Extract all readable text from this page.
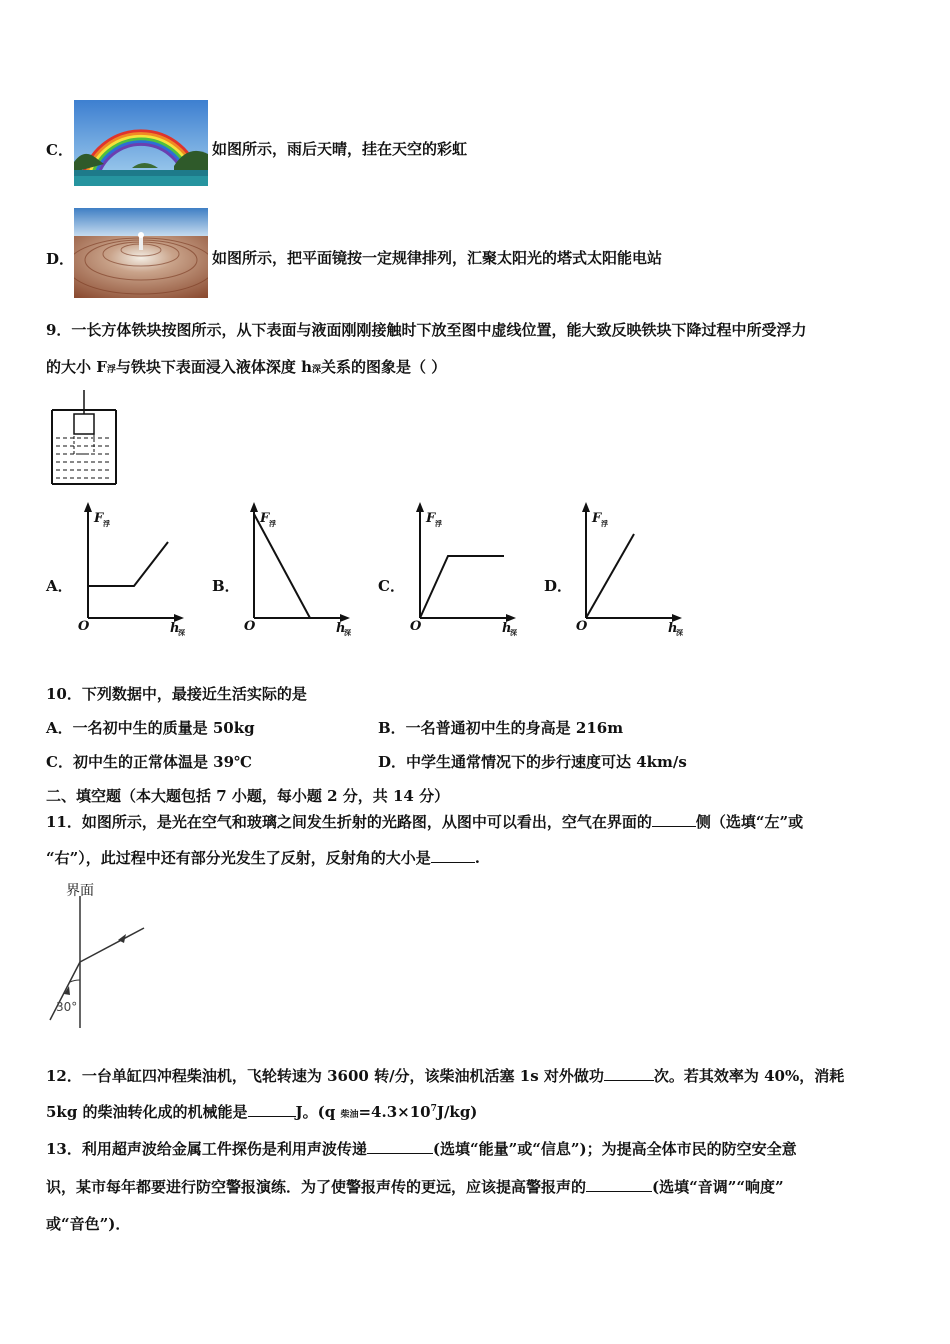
C．	如图所示，雨后天晴，挂在天空的彩虹
D．	如图所示，把平面镜按一定规律排列，汇聚太阳光的塔式太阳能电站
9．一长方体铁块按图所示，从下表面与液面刚刚接触时下放至图中虚线位置，能大致反映铁块下降过程中所受浮力
的大小 F浮与铁块下表面浸入液体深度 h深关系的图象是（ ）
A．
F 浮
O	h
深
B．
F 浮
O	h
深
C．
F 浮
O	h
深
D．
F 浮
O	h
深
10．下列数据中，最接近生活实际的是
A．一名初中生的质量是 50kg	B．一名普通初中生的身高是 216m
C．初中生的正常体温是 39℃	D．中学生通常情况下的步行速度可达 4km/s
二、填空题（本大题包括 7 小题，每小题 2 分，共 14 分）
11．如图所示，是光在空气和玻璃之间发生折射的光路图，从图中可以看出，空气在界面的	侧（选填“左”或
“右”），此过程中还有部分光发生了反射，反射角的大小是	.
界面
30°
12．一台单缸四冲程柴油机，飞轮转速为 3600 转/分，该柴油机活塞 1s 对外做功	次。若其效率为 40%，消耗
5kg 的柴油转化成的机械能是	J。(q 柴油$=4.3\times 10^7J/kg$)
13．利用超声波给金属工件探伤是利用声波传递	(选填“能量”或“信息”)；为提高全体市民的防空安全意
识，某市每年都要进行防空警报演练．为了使警报声传的更远，应该提高警报声的	(选填“音调”“响度”
或“音色”)．
